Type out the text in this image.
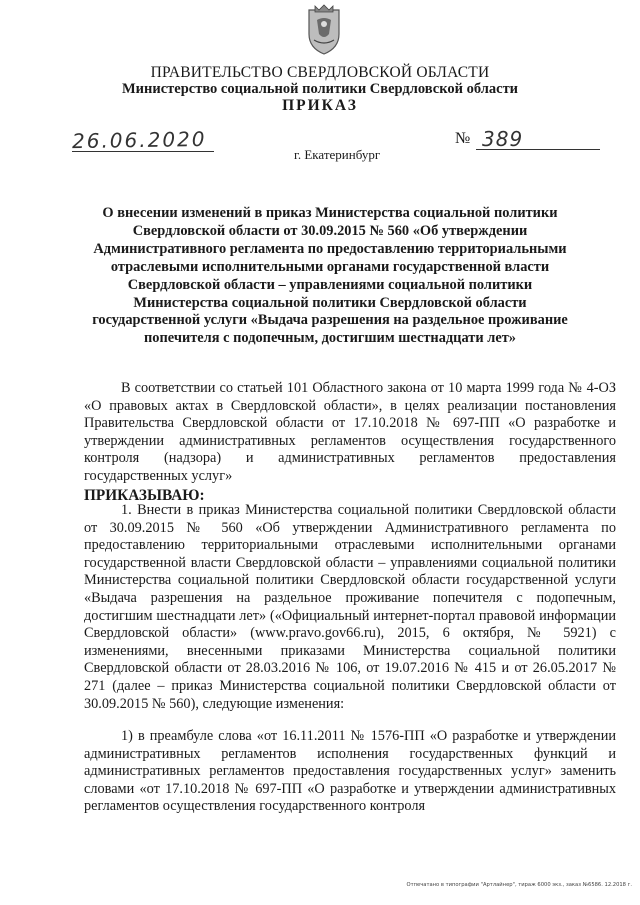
ПРАВИТЕЛЬСТВО СВЕРДЛОВСКОЙ ОБЛАСТИ
Министерство социальной политики Свердловской области
ПРИКАЗ
26.06.2020	№ 389
г. Екатеринбург
О внесении изменений в приказ Министерства социальной политики Свердловской области от 30.09.2015 № 560 «Об утверждении Административного регламента по предоставлению территориальными отраслевыми исполнительными органами государственной власти Свердловской области – управлениями социальной политики Министерства социальной политики Свердловской области государственной услуги «Выдача разрешения на раздельное проживание попечителя с подопечным, достигшим шестнадцати лет»
В соответствии со статьей 101 Областного закона от 10 марта 1999 года № 4-ОЗ «О правовых актах в Свердловской области», в целях реализации постановления Правительства Свердловской области от 17.10.2018 № 697-ПП «О разработке и утверждении административных регламентов осуществления государственного контроля (надзора) и административных регламентов предоставления государственных услуг»
ПРИКАЗЫВАЮ:
1. Внести в приказ Министерства социальной политики Свердловской области от 30.09.2015 № 560 «Об утверждении Административного регламента по предоставлению территориальными отраслевыми исполнительными органами государственной власти Свердловской области – управлениями социальной политики Министерства социальной политики Свердловской области государственной услуги «Выдача разрешения на раздельное проживание попечителя с подопечным, достигшим шестнадцати лет» («Официальный интернет-портал правовой информации Свердловской области» (www.pravo.gov66.ru), 2015, 6 октября, № 5921) с изменениями, внесенными приказами Министерства социальной политики Свердловской области от 28.03.2016 № 106, от 19.07.2016 № 415 и от 26.05.2017 № 271 (далее – приказ Министерства социальной политики Свердловской области от 30.09.2015 № 560), следующие изменения:
1) в преамбуле слова «от 16.11.2011 № 1576-ПП «О разработке и утверждении административных регламентов исполнения государственных функций и административных регламентов предоставления государственных услуг» заменить словами «от 17.10.2018 № 697-ПП «О разработке и утверждении административных регламентов осуществления государственного контроля
Отпечатано в типографии "Артлайнер", тираж 6000 экз., заказ №6586. 12.2018 г.
